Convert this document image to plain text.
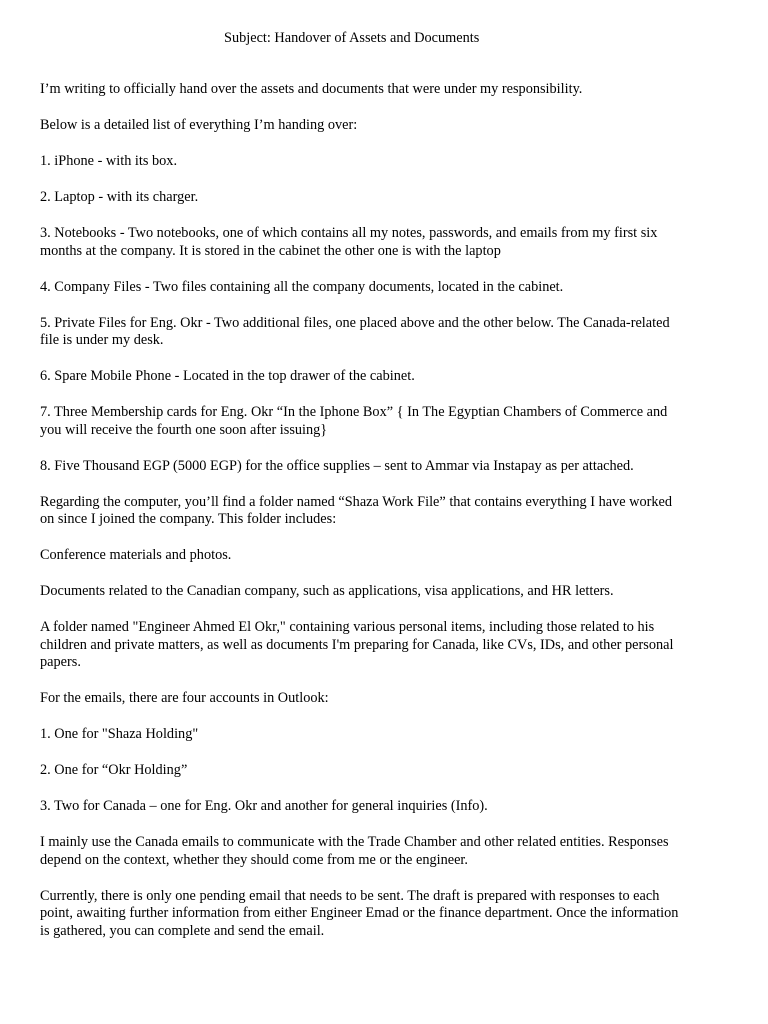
Subject: Handover of Assets and Documents

I’m writing to officially hand over the assets and documents that were under my responsibility.

Below is a detailed list of everything I’m handing over:

1. iPhone - with its box.

2. Laptop - with its charger.

3. Notebooks - Two notebooks, one of which contains all my notes, passwords, and emails from my first six months at the company. It is stored in the cabinet the other one is with the laptop

4. Company Files - Two files containing all the company documents, located in the cabinet.

5. Private Files for Eng. Okr - Two additional files, one placed above and the other below. The Canada-related file is under my desk.

6. Spare Mobile Phone - Located in the top drawer of the cabinet.

7. Three Membership cards for Eng. Okr “In the Iphone Box” { In The Egyptian Chambers of Commerce and you will receive the fourth one soon after issuing}

8. Five Thousand EGP (5000 EGP) for the office supplies – sent to Ammar via Instapay as per attached.

Regarding the computer, you’ll find a folder named “Shaza Work File” that contains everything I have worked on since I joined the company. This folder includes:

Conference materials and photos.

Documents related to the Canadian company, such as applications, visa applications, and HR letters.

A folder named "Engineer Ahmed El Okr," containing various personal items, including those related to his children and private matters, as well as documents I'm preparing for Canada, like CVs, IDs, and other personal papers.

For the emails, there are four accounts in Outlook:

1. One for "Shaza Holding"

2. One for “Okr Holding”

3. Two for Canada – one for Eng. Okr and another for general inquiries (Info).

I mainly use the Canada emails to communicate with the Trade Chamber and other related entities. Responses depend on the context, whether they should come from me or the engineer.

Currently, there is only one pending email that needs to be sent. The draft is prepared with responses to each point, awaiting further information from either Engineer Emad or the finance department. Once the information is gathered, you can complete and send the email.
